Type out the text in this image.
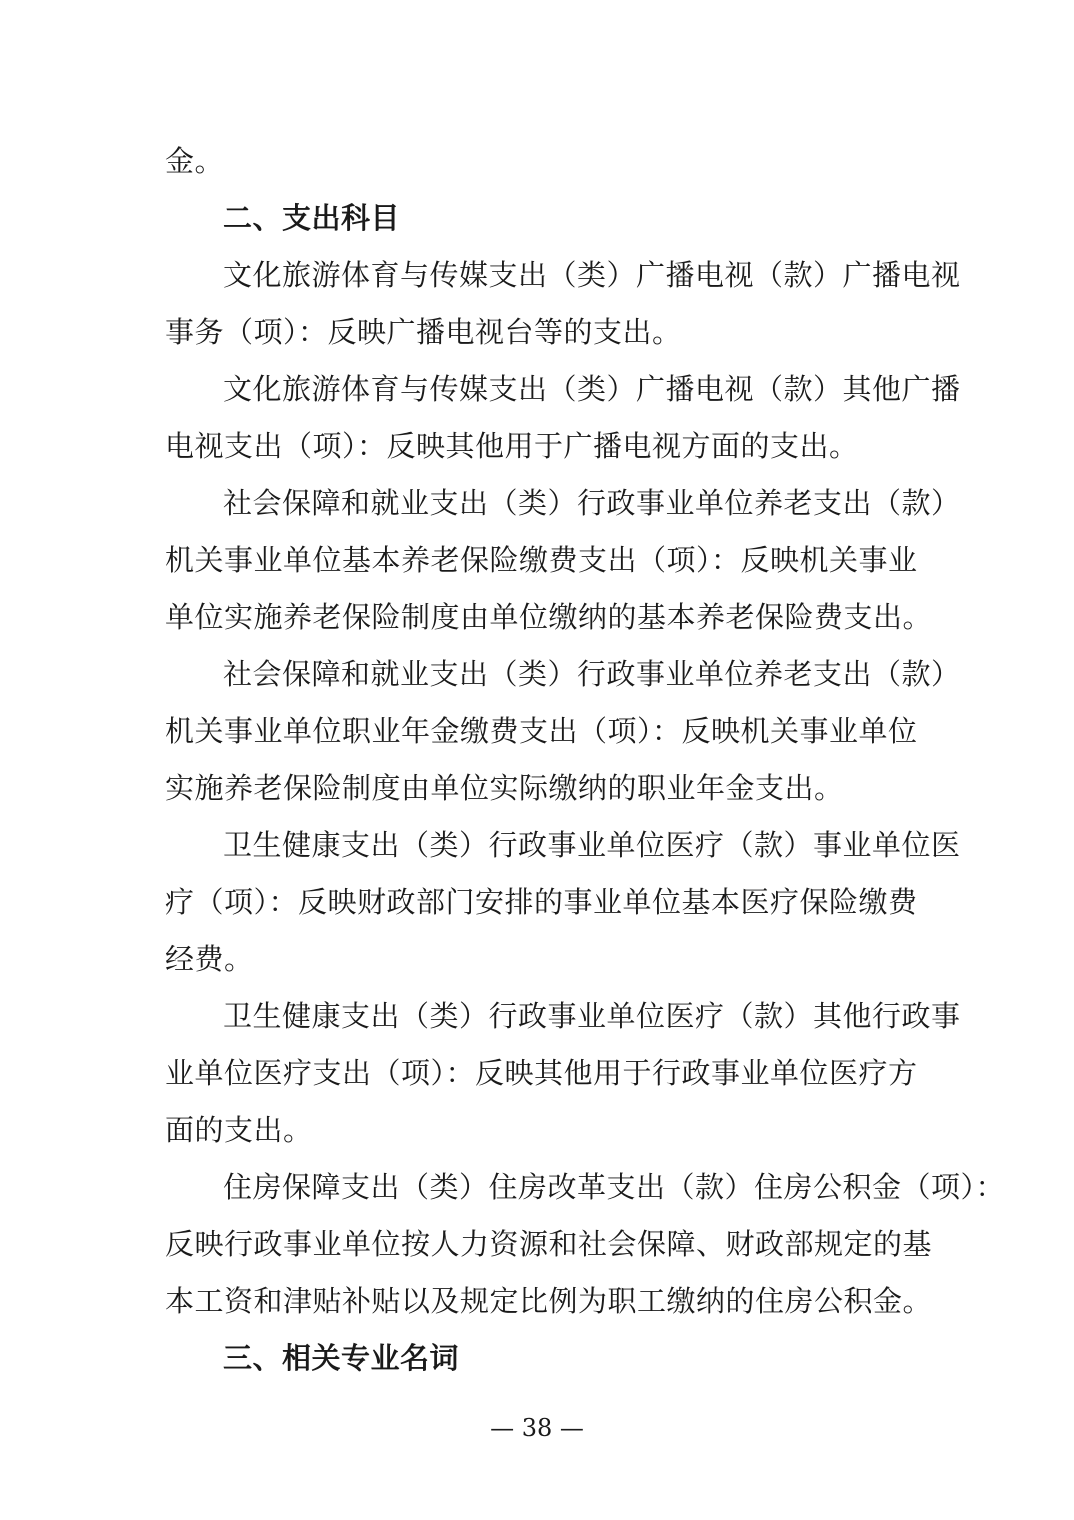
金。
二、支出科目
文化旅游体育与传媒支出（类）广播电视（款）广播电视
事务（项）：反映广播电视台等的支出。
文化旅游体育与传媒支出（类）广播电视（款）其他广播
电视支出（项）：反映其他用于广播电视方面的支出。
社会保障和就业支出（类）行政事业单位养老支出（款）
机关事业单位基本养老保险缴费支出（项）：反映机关事业
单位实施养老保险制度由单位缴纳的基本养老保险费支出。
社会保障和就业支出（类）行政事业单位养老支出（款）
机关事业单位职业年金缴费支出（项）：反映机关事业单位
实施养老保险制度由单位实际缴纳的职业年金支出。
卫生健康支出（类）行政事业单位医疗（款）事业单位医
疗（项）：反映财政部门安排的事业单位基本医疗保险缴费
经费。
卫生健康支出（类）行政事业单位医疗（款）其他行政事
业单位医疗支出（项）：反映其他用于行政事业单位医疗方
面的支出。
住房保障支出（类）住房改革支出（款）住房公积金（项）：
反映行政事业单位按人力资源和社会保障、财政部规定的基
本工资和津贴补贴以及规定比例为职工缴纳的住房公积金。
三、相关专业名词
— 38 —
